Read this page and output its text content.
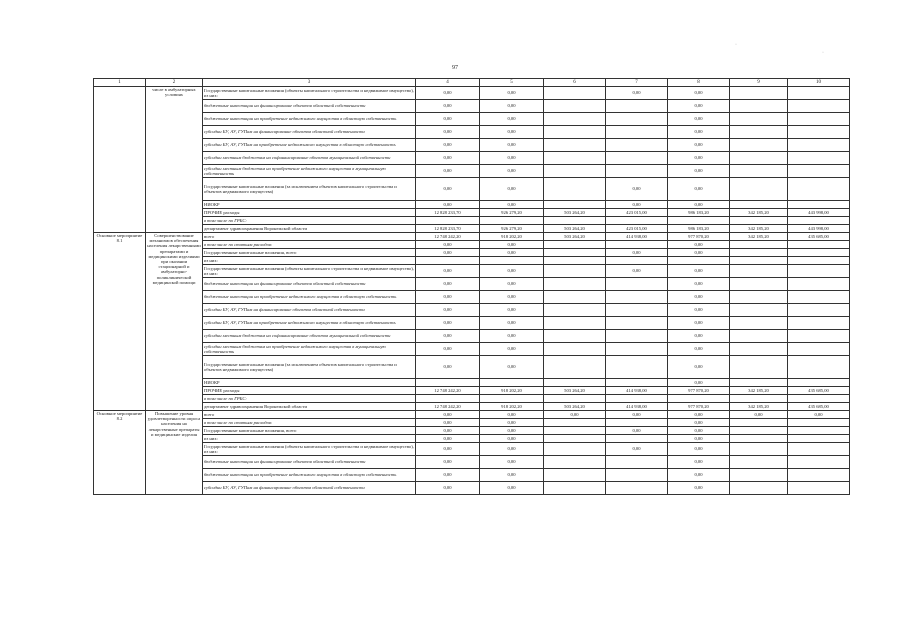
97
·
·
1	2	3	4	5	6	7	8	9	10
	числе в амбулаторных условиях	Государственные капитальные вложения (объекты капитального строительства и недвижимое имущество), из них:	0,00	0,00		0,00	0,00		
		бюджетные инвестиции на финансирование объектов областной собственности	0,00	0,00			0,00		
		бюджетные инвестиции на приобретение недвижимого имущества в областную собственность	0,00	0,00			0,00		
		субсидии БУ, АУ, ГУПам на финансирование объектов областной собственности	0,00	0,00			0,00		
		субсидии БУ, АУ, ГУПам на приобретение недвижимого имущества в областную собственность	0,00	0,00			0,00		
		субсидии местным бюджетам на софинансирование объектов муниципальной собственности	0,00	0,00			0,00		
		субсидии местным бюджетам на приобретение недвижимого имущества в муниципальную собственность	0,00	0,00			0,00		
		Государственные капитальные вложения (за исключением объектов капитального строительства и объектов недвижимого имущества)	0,00	0,00		0,00	0,00		
		НИОКР	0,00	0,00		0,00	0,00		
		ПРОЧИЕ расходы	12 828 233,70	926 279,20	503 264,20	423 015,00	986 183,20	342 185,20	443 998,00
		в том числе по ГРБС:							
		департамент здравоохранения Воронежской области	12 828 233,70	926 279,20	503 264,20	423 015,00	986 183,20	342 185,20	443 998,00
Основное мероприятие 8.1	Совершенствование механизмов обеспечения населения лекарственными препаратами и медицинскими изделиями при оказании стационарной и амбулаторно-поликлинической медицинской помощи	всего	12 748 242,20	918 202,20	503 264,20	414 938,00	977 870,20	342 185,20	435 685,00
		в том числе по статьям расходов:	0,00	0,00			0,00		
		Государственные капитальные вложения, всего	0,00	0,00		0,00	0,00		
		из них:							
		Государственные капитальные вложения (объекты капитального строительства и недвижимое имущество), из них:	0,00	0,00		0,00	0,00		
		бюджетные инвестиции на финансирование объектов областной собственности	0,00	0,00			0,00		
		бюджетные инвестиции на приобретение недвижимого имущества в областную собственность	0,00	0,00			0,00		
		субсидии БУ, АУ, ГУПам на финансирование объектов областной собственности	0,00	0,00			0,00		
		субсидии БУ, АУ, ГУПам на приобретение недвижимого имущества в областную собственность	0,00	0,00			0,00		
		субсидии местным бюджетам на софинансирование объектов муниципальной собственности	0,00	0,00			0,00		
		субсидии местным бюджетам на приобретение недвижимого имущества в муниципальную собственность	0,00	0,00			0,00		
		Государственные капитальные вложения (за исключением объектов капитального строительства и объектов недвижимого имущества)	0,00	0,00			0,00		
		НИОКР					0,00		
		ПРОЧИЕ расходы	12 748 242,20	918 202,20	503 264,20	414 938,00	977 870,20	342 185,20	435 685,00
		в том числе по ГРБС:							
		департамент здравоохранения Воронежской области	12 748 242,20	918 202,20	503 264,20	414 938,00	977 870,20	342 185,20	435 685,00
Основное мероприятие 8.2	Повышение уровня удовлетворенности опроса населения на лекарственные препараты и медицинские изделия	всего	0,00	0,00	0,00	0,00	0,00	0,00	0,00
		в том числе по статьям расходов:	0,00	0,00			0,00		
		Государственные капитальные вложения, всего	0,00	0,00		0,00	0,00		
		из них:	0,00	0,00			0,00		
		Государственные капитальные вложения (объекты капитального строительства и недвижимое имущество), из них:	0,00	0,00		0,00	0,00		
		бюджетные инвестиции на финансирование объектов областной собственности	0,00	0,00			0,00		
		бюджетные инвестиции на приобретение недвижимого имущества в областную собственность	0,00	0,00			0,00		
		субсидии БУ, АУ, ГУПам на финансирование объектов областной собственности	0,00	0,00			0,00		
